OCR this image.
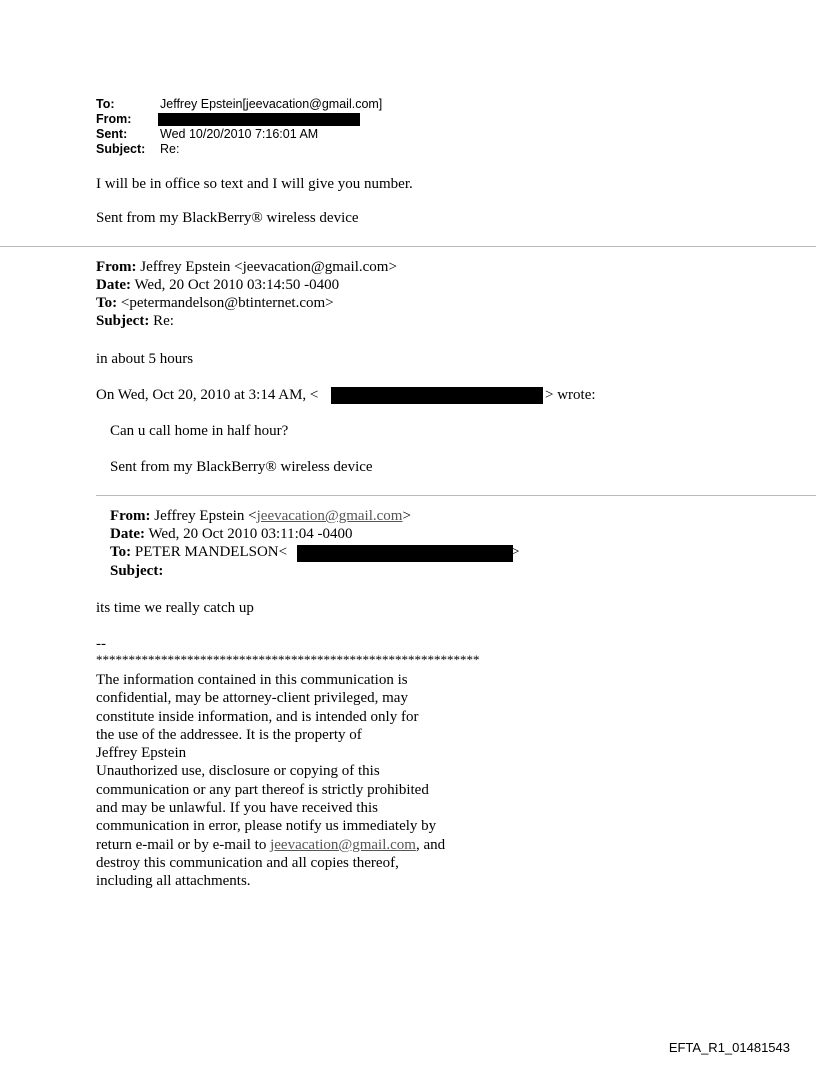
To:	Jeffrey Epstein[jeevacation@gmail.com]
From:
Sent:	Wed 10/20/2010 7:16:01 AM
Subject: Re:
I will be in office so text and I will give you number.
Sent from my BlackBerry® wireless device
From: Jeffrey Epstein <jeevacation@gmail.com>
Date: Wed, 20 Oct 2010 03:14:50 -0400
To: <petermandelson@btinternet.com>
Subject: Re:
in about 5 hours
On Wed, Oct 20, 2010 at 3:14 AM, <	> wrote:
Can u call home in half hour?
Sent from my BlackBerry® wireless device
From: Jeffrey Epstein <jeevacation@gmail.com>
Date: Wed, 20 Oct 2010 03:11:04 -0400
To: PETER MANDELSON<	>
Subject:
its time we really catch up
--
***********************************************************
The information contained in this communication is
confidential, may be attorney-client privileged, may
constitute inside information, and is intended only for
the use of the addressee. It is the property of
Jeffrey Epstein
Unauthorized use, disclosure or copying of this
communication or any part thereof is strictly prohibited
and may be unlawful. If you have received this
communication in error, please notify us immediately by
return e-mail or by e-mail to jeevacation@gmail.com, and
destroy this communication and all copies thereof,
including all attachments.
EFTA_R1_01481543
